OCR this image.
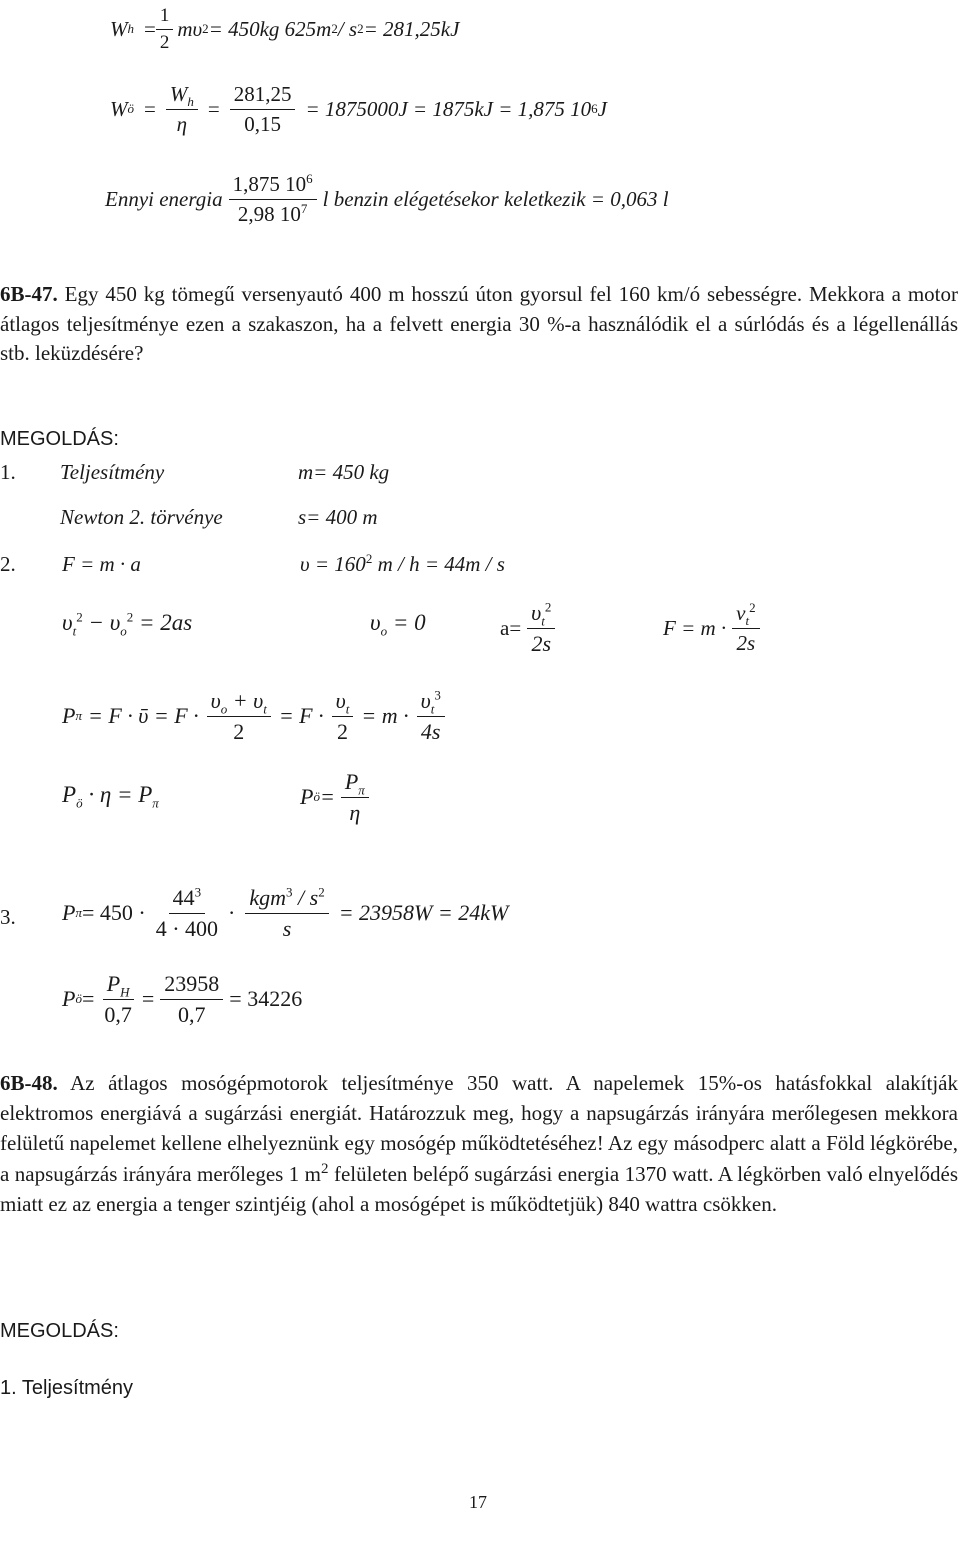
W $h = \frac{1}{2}$ mυ 2 = 450kg 625m 2 / s 2 = 281,25kJ
W ö = $\frac{W_h}{\eta} = \frac{281,25}{0,15} = 1875000J = 1875kJ = 1,875$ 10 6 J
Ennyi energia $\frac{1,875 10^6}{2,98 10^7}$ l benzin elégetésekor keletkezik = 0,063 l
6B-47. Egy 450 kg tömegű versenyautó 400 m hosszú úton gyorsul fel 160 km/ó sebességre. Mekkora a motor átlagos teljesítménye ezen a szakaszon, ha a felvett energia 30 %-a használódik el a súrlódás és a légellenállás stb. leküzdésére?
MEGOLDÁS:
1. Teljesítmény	m= 450 kg
Newton 2. törvénye	s= 400 m
2. F = m · a	$\upsilon = 160^2$ m / h = 44m / s
$\upsilon_t^2 - \upsilon_o^2 = 2as$	$\upsilon_o = 0$	$a= \frac{\upsilon_t^2}{2s}$	$F = m \cdot \frac{v_t^2}{2s}$
P π = F · ῡ = $F \cdot \frac{\upsilon_o + \upsilon_t}{2} = F \cdot \frac{\upsilon_t}{2} = m \cdot \frac{\upsilon_t^3}{4s}$
$P_ö \cdot \eta = P_\pi$	P ö = $\frac{P_\pi}{\eta}$
3. P $\pi = 450 \cdot \frac{44^3}{4 \cdot 400} \cdot \frac{kgm^3 / s^2}{s} = 23958W = 24kW$
P ö = $\frac{P_H}{0,7} = \frac{23958}{0,7} = 34226$
6B-48. Az átlagos mosógépmotorok teljesítménye 350 watt. A napelemek 15%-os hatásfokkal alakítják elektromos energiává a sugárzási energiát. Határozzuk meg, hogy a napsugárzás irányára merőlegesen mekkora felületű napelemet kellene elhelyeznünk egy mosógép működtetéséhez! Az egy másodperc alatt a Föld légkörébe, a napsugárzás irányára merőleges 1 $m^2$ felületen belépő sugárzási energia 1370 watt. A légkörben való elnyelődés miatt ez az energia a tenger szintjéig (ahol a mosógépet is működtetjük) 840 wattra csökken.
MEGOLDÁS:
1. Teljesítmény
17
